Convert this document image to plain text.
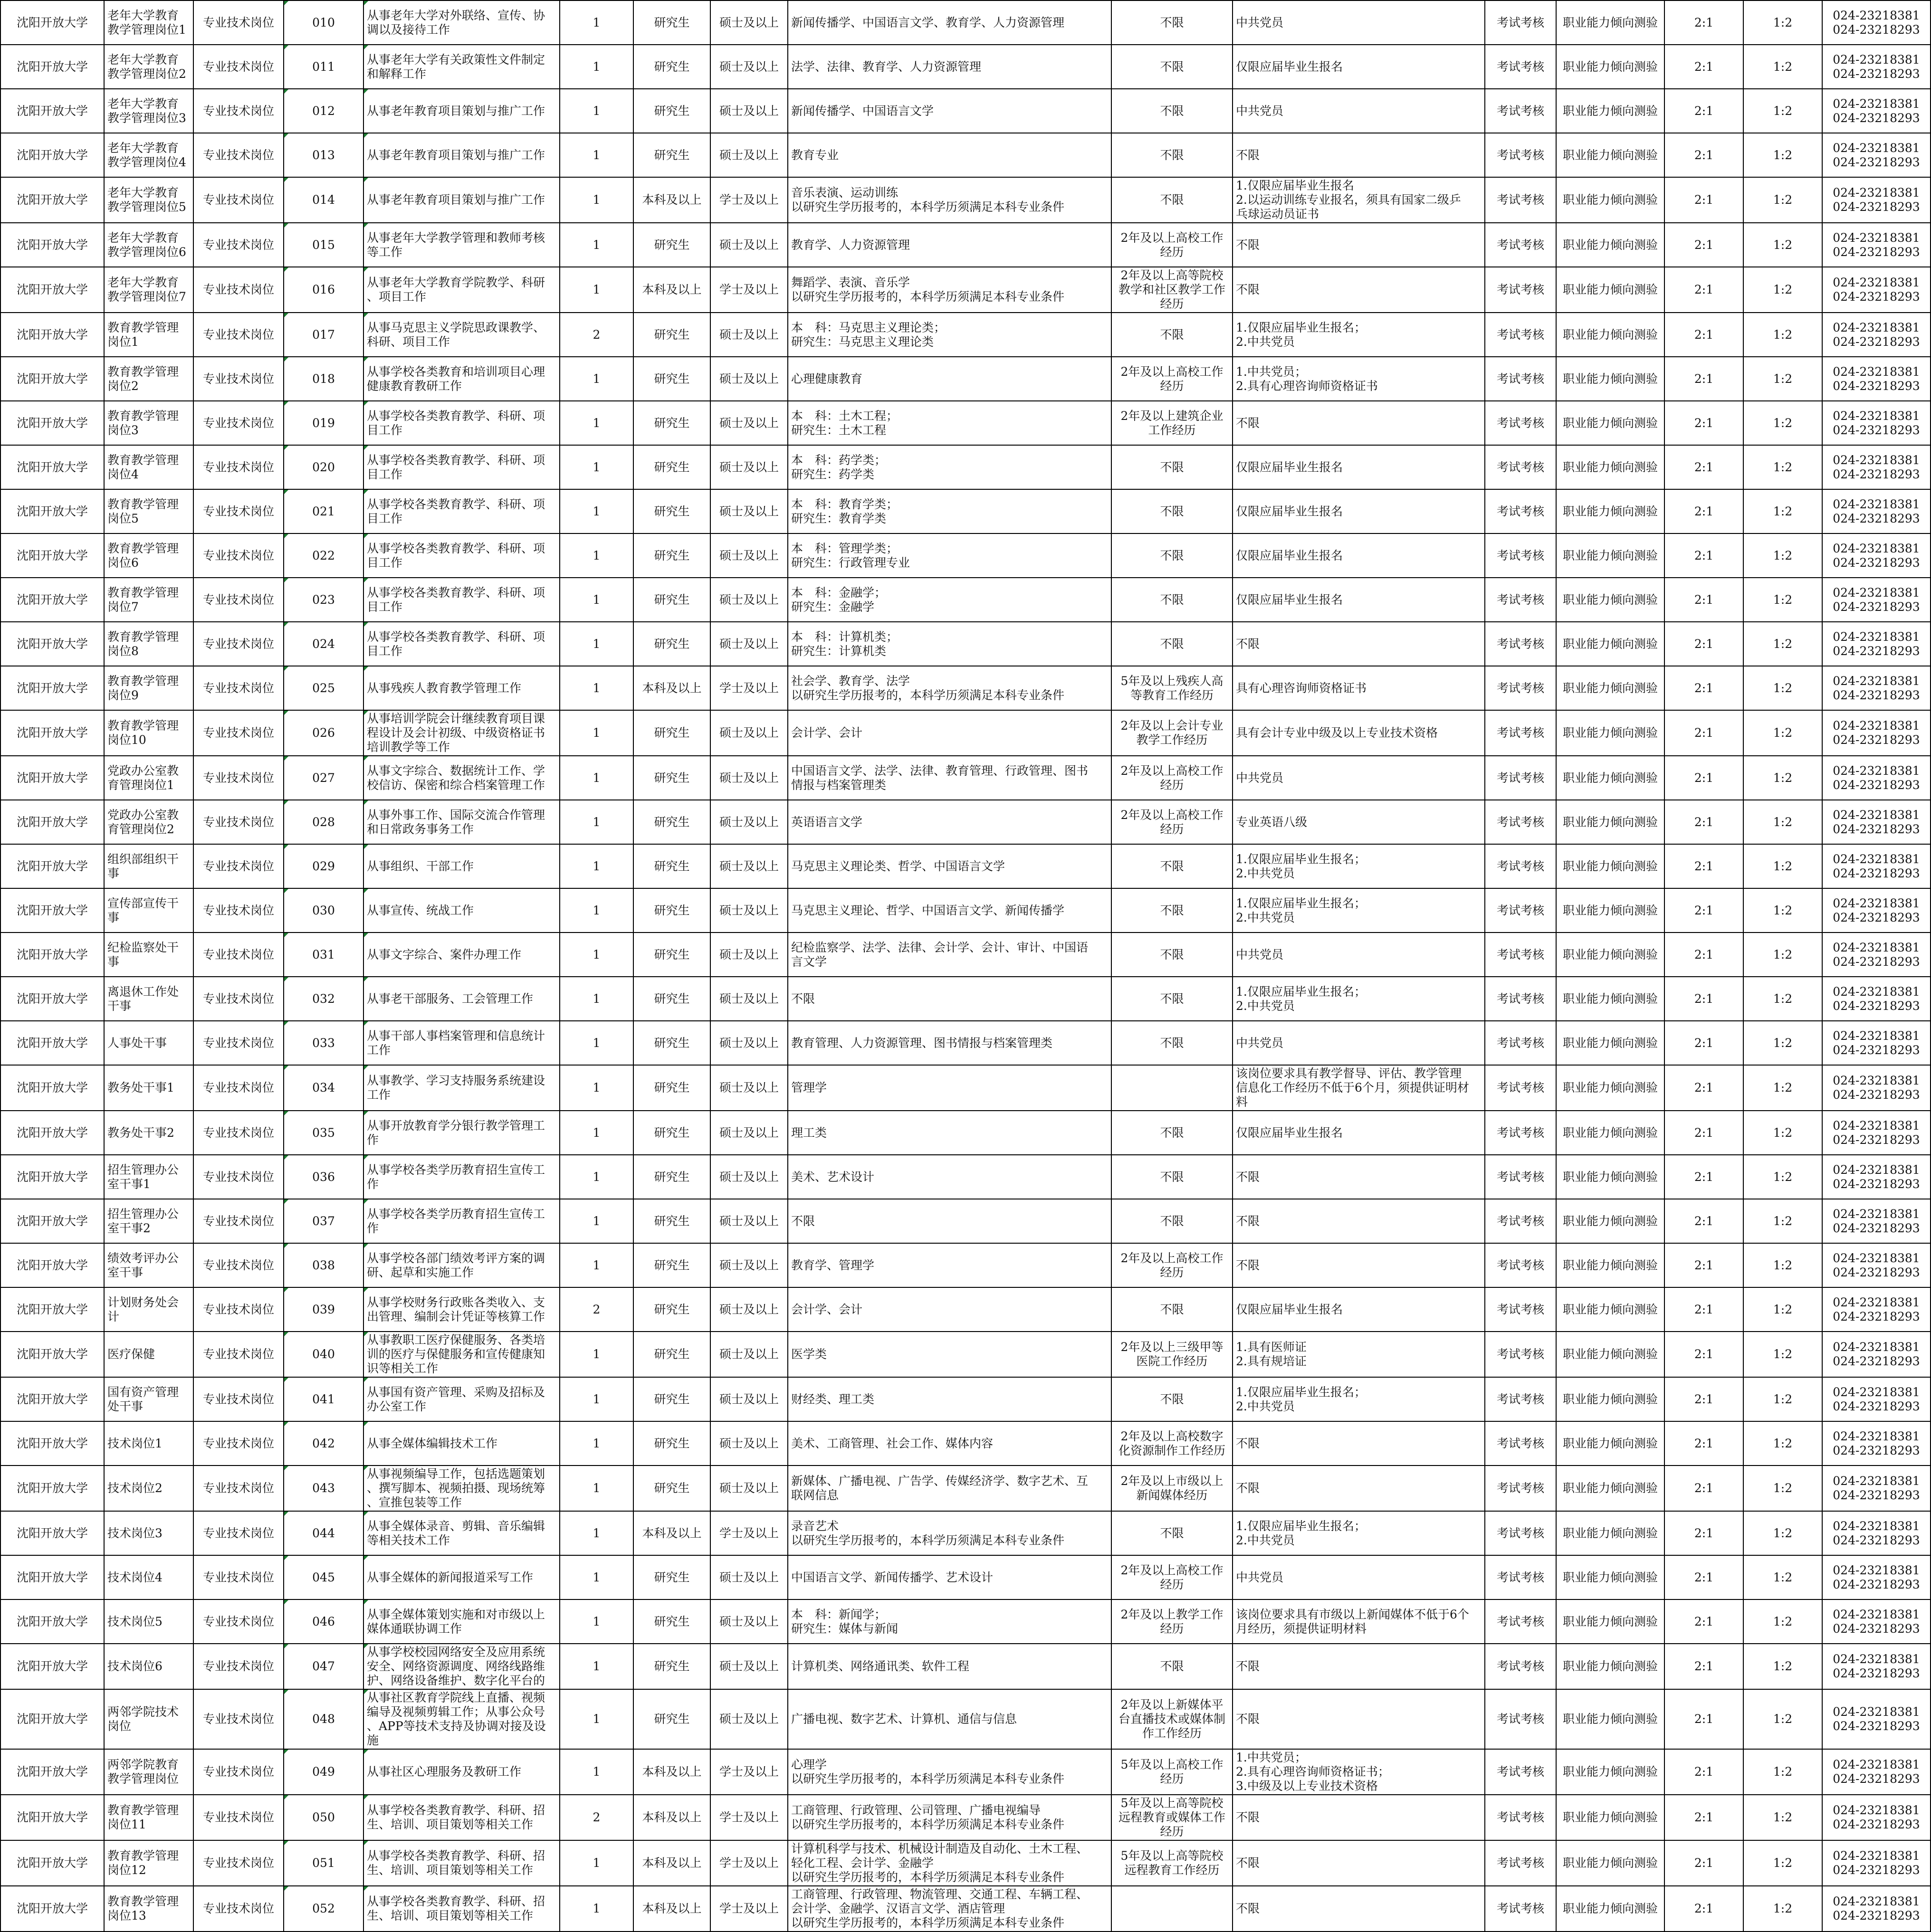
沈阳开放大学	老年大学教育
教学管理岗位1	专业技术岗位	010	从事老年大学对外联络、宣传、协
调以及接待工作	1	研究生	硕士及以上	新闻传播学、中国语言文学、教育学、人力资源管理	不限	中共党员	考试考核	职业能力倾向测验	2:1	1:2	024-23218381
024-23218293
沈阳开放大学	老年大学教育
教学管理岗位2	专业技术岗位	011	从事老年大学有关政策性文件制定
和解释工作	1	研究生	硕士及以上	法学、法律、教育学、人力资源管理	不限	仅限应届毕业生报名	考试考核	职业能力倾向测验	2:1	1:2	024-23218381
024-23218293
沈阳开放大学	老年大学教育
教学管理岗位3	专业技术岗位	012	从事老年教育项目策划与推广工作	1	研究生	硕士及以上	新闻传播学、中国语言文学	不限	中共党员	考试考核	职业能力倾向测验	2:1	1:2	024-23218381
024-23218293
沈阳开放大学	老年大学教育
教学管理岗位4	专业技术岗位	013	从事老年教育项目策划与推广工作	1	研究生	硕士及以上	教育专业	不限	不限	考试考核	职业能力倾向测验	2:1	1:2	024-23218381
024-23218293
沈阳开放大学	老年大学教育
教学管理岗位5	专业技术岗位	014	从事老年教育项目策划与推广工作	1	本科及以上	学士及以上	音乐表演、运动训练
以研究生学历报考的，本科学历须满足本科专业条件	不限	1.仅限应届毕业生报名
2.以运动训练专业报名，须具有国家二级乒
乓球运动员证书	考试考核	职业能力倾向测验	2:1	1:2	024-23218381
024-23218293
沈阳开放大学	老年大学教育
教学管理岗位6	专业技术岗位	015	从事老年大学教学管理和教师考核
等工作	1	研究生	硕士及以上	教育学、人力资源管理	2年及以上高校工作
经历	不限	考试考核	职业能力倾向测验	2:1	1:2	024-23218381
024-23218293
沈阳开放大学	老年大学教育
教学管理岗位7	专业技术岗位	016	从事老年大学教育学院教学、科研
、项目工作	1	本科及以上	学士及以上	舞蹈学、表演、音乐学
以研究生学历报考的，本科学历须满足本科专业条件	2年及以上高等院校
教学和社区教学工作
经历	不限	考试考核	职业能力倾向测验	2:1	1:2	024-23218381
024-23218293
沈阳开放大学	教育教学管理
岗位1	专业技术岗位	017	从事马克思主义学院思政课教学、
科研、项目工作	2	研究生	硕士及以上	本　科：马克思主义理论类；
研究生：马克思主义理论类	不限	1.仅限应届毕业生报名；
2.中共党员	考试考核	职业能力倾向测验	2:1	1:2	024-23218381
024-23218293
沈阳开放大学	教育教学管理
岗位2	专业技术岗位	018	从事学校各类教育和培训项目心理
健康教育教研工作	1	研究生	硕士及以上	心理健康教育	2年及以上高校工作
经历	1.中共党员；
2.具有心理咨询师资格证书	考试考核	职业能力倾向测验	2:1	1:2	024-23218381
024-23218293
沈阳开放大学	教育教学管理
岗位3	专业技术岗位	019	从事学校各类教育教学、科研、项
目工作	1	研究生	硕士及以上	本　科：土木工程；
研究生：土木工程	2年及以上建筑企业
工作经历	不限	考试考核	职业能力倾向测验	2:1	1:2	024-23218381
024-23218293
沈阳开放大学	教育教学管理
岗位4	专业技术岗位	020	从事学校各类教育教学、科研、项
目工作	1	研究生	硕士及以上	本　科：药学类；
研究生：药学类	不限	仅限应届毕业生报名	考试考核	职业能力倾向测验	2:1	1:2	024-23218381
024-23218293
沈阳开放大学	教育教学管理
岗位5	专业技术岗位	021	从事学校各类教育教学、科研、项
目工作	1	研究生	硕士及以上	本　科：教育学类；
研究生：教育学类	不限	仅限应届毕业生报名	考试考核	职业能力倾向测验	2:1	1:2	024-23218381
024-23218293
沈阳开放大学	教育教学管理
岗位6	专业技术岗位	022	从事学校各类教育教学、科研、项
目工作	1	研究生	硕士及以上	本　科：管理学类；
研究生：行政管理专业	不限	仅限应届毕业生报名	考试考核	职业能力倾向测验	2:1	1:2	024-23218381
024-23218293
沈阳开放大学	教育教学管理
岗位7	专业技术岗位	023	从事学校各类教育教学、科研、项
目工作	1	研究生	硕士及以上	本　科：金融学；
研究生：金融学	不限	仅限应届毕业生报名	考试考核	职业能力倾向测验	2:1	1:2	024-23218381
024-23218293
沈阳开放大学	教育教学管理
岗位8	专业技术岗位	024	从事学校各类教育教学、科研、项
目工作	1	研究生	硕士及以上	本　科：计算机类；
研究生：计算机类	不限	不限	考试考核	职业能力倾向测验	2:1	1:2	024-23218381
024-23218293
沈阳开放大学	教育教学管理
岗位9	专业技术岗位	025	从事残疾人教育教学管理工作	1	本科及以上	学士及以上	社会学、教育学、法学
以研究生学历报考的，本科学历须满足本科专业条件	5年及以上残疾人高
等教育工作经历	具有心理咨询师资格证书	考试考核	职业能力倾向测验	2:1	1:2	024-23218381
024-23218293
沈阳开放大学	教育教学管理
岗位10	专业技术岗位	026	从事培训学院会计继续教育项目课
程设计及会计初级、中级资格证书
培训教学等工作	1	研究生	硕士及以上	会计学、会计	2年及以上会计专业
教学工作经历	具有会计专业中级及以上专业技术资格	考试考核	职业能力倾向测验	2:1	1:2	024-23218381
024-23218293
沈阳开放大学	党政办公室教
育管理岗位1	专业技术岗位	027	从事文字综合、数据统计工作、学
校信访、保密和综合档案管理工作	1	研究生	硕士及以上	中国语言文学、法学、法律、教育管理、行政管理、图书
情报与档案管理类	2年及以上高校工作
经历	中共党员	考试考核	职业能力倾向测验	2:1	1:2	024-23218381
024-23218293
沈阳开放大学	党政办公室教
育管理岗位2	专业技术岗位	028	从事外事工作、国际交流合作管理
和日常政务事务工作	1	研究生	硕士及以上	英语语言文学	2年及以上高校工作
经历	专业英语八级	考试考核	职业能力倾向测验	2:1	1:2	024-23218381
024-23218293
沈阳开放大学	组织部组织干
事	专业技术岗位	029	从事组织、干部工作	1	研究生	硕士及以上	马克思主义理论类、哲学、中国语言文学	不限	1.仅限应届毕业生报名；
2.中共党员	考试考核	职业能力倾向测验	2:1	1:2	024-23218381
024-23218293
沈阳开放大学	宣传部宣传干
事	专业技术岗位	030	从事宣传、统战工作	1	研究生	硕士及以上	马克思主义理论、哲学、中国语言文学、新闻传播学	不限	1.仅限应届毕业生报名；
2.中共党员	考试考核	职业能力倾向测验	2:1	1:2	024-23218381
024-23218293
沈阳开放大学	纪检监察处干
事	专业技术岗位	031	从事文字综合、案件办理工作	1	研究生	硕士及以上	纪检监察学、法学、法律、会计学、会计、审计、中国语
言文学	不限	中共党员	考试考核	职业能力倾向测验	2:1	1:2	024-23218381
024-23218293
沈阳开放大学	离退休工作处
干事	专业技术岗位	032	从事老干部服务、工会管理工作	1	研究生	硕士及以上	不限	不限	1.仅限应届毕业生报名；
2.中共党员	考试考核	职业能力倾向测验	2:1	1:2	024-23218381
024-23218293
沈阳开放大学	人事处干事	专业技术岗位	033	从事干部人事档案管理和信息统计
工作	1	研究生	硕士及以上	教育管理、人力资源管理、图书情报与档案管理类	不限	中共党员	考试考核	职业能力倾向测验	2:1	1:2	024-23218381
024-23218293
沈阳开放大学	教务处干事1	专业技术岗位	034	从事教学、学习支持服务系统建设
工作	1	研究生	硕士及以上	管理学		该岗位要求具有教学督导、评估、教学管理
信息化工作经历不低于6个月，须提供证明材
料	考试考核	职业能力倾向测验	2:1	1:2	024-23218381
024-23218293
沈阳开放大学	教务处干事2	专业技术岗位	035	从事开放教育学分银行教学管理工
作	1	研究生	硕士及以上	理工类	不限	仅限应届毕业生报名	考试考核	职业能力倾向测验	2:1	1:2	024-23218381
024-23218293
沈阳开放大学	招生管理办公
室干事1	专业技术岗位	036	从事学校各类学历教育招生宣传工
作	1	研究生	硕士及以上	美术、艺术设计	不限	不限	考试考核	职业能力倾向测验	2:1	1:2	024-23218381
024-23218293
沈阳开放大学	招生管理办公
室干事2	专业技术岗位	037	从事学校各类学历教育招生宣传工
作	1	研究生	硕士及以上	不限	不限	不限	考试考核	职业能力倾向测验	2:1	1:2	024-23218381
024-23218293
沈阳开放大学	绩效考评办公
室干事	专业技术岗位	038	从事学校各部门绩效考评方案的调
研、起草和实施工作	1	研究生	硕士及以上	教育学、管理学	2年及以上高校工作
经历	不限	考试考核	职业能力倾向测验	2:1	1:2	024-23218381
024-23218293
沈阳开放大学	计划财务处会
计	专业技术岗位	039	从事学校财务行政账各类收入、支
出管理、编制会计凭证等核算工作	2	研究生	硕士及以上	会计学、会计	不限	仅限应届毕业生报名	考试考核	职业能力倾向测验	2:1	1:2	024-23218381
024-23218293
沈阳开放大学	医疗保健	专业技术岗位	040	从事教职工医疗保健服务、各类培
训的医疗与保健服务和宣传健康知
识等相关工作	1	研究生	硕士及以上	医学类	2年及以上三级甲等
医院工作经历	1.具有医师证
2.具有规培证	考试考核	职业能力倾向测验	2:1	1:2	024-23218381
024-23218293
沈阳开放大学	国有资产管理
处干事	专业技术岗位	041	从事国有资产管理、采购及招标及
办公室工作	1	研究生	硕士及以上	财经类、理工类	不限	1.仅限应届毕业生报名；
2.中共党员	考试考核	职业能力倾向测验	2:1	1:2	024-23218381
024-23218293
沈阳开放大学	技术岗位1	专业技术岗位	042	从事全媒体编辑技术工作	1	研究生	硕士及以上	美术、工商管理、社会工作、媒体内容	2年及以上高校数字
化资源制作工作经历	不限	考试考核	职业能力倾向测验	2:1	1:2	024-23218381
024-23218293
沈阳开放大学	技术岗位2	专业技术岗位	043	从事视频编导工作，包括选题策划
、撰写脚本、视频拍摄、现场统筹
、宣推包装等工作	1	研究生	硕士及以上	新媒体、广播电视、广告学、传媒经济学、数字艺术、互
联网信息	2年及以上市级以上
新闻媒体经历	不限	考试考核	职业能力倾向测验	2:1	1:2	024-23218381
024-23218293
沈阳开放大学	技术岗位3	专业技术岗位	044	从事全媒体录音、剪辑、音乐编辑
等相关技术工作	1	本科及以上	学士及以上	录音艺术
以研究生学历报考的，本科学历须满足本科专业条件	不限	1.仅限应届毕业生报名；
2.中共党员	考试考核	职业能力倾向测验	2:1	1:2	024-23218381
024-23218293
沈阳开放大学	技术岗位4	专业技术岗位	045	从事全媒体的新闻报道采写工作	1	研究生	硕士及以上	中国语言文学、新闻传播学、艺术设计	2年及以上高校工作
经历	中共党员	考试考核	职业能力倾向测验	2:1	1:2	024-23218381
024-23218293
沈阳开放大学	技术岗位5	专业技术岗位	046	从事全媒体策划实施和对市级以上
媒体通联协调工作	1	研究生	硕士及以上	本　科：新闻学；
研究生：媒体与新闻	2年及以上教学工作
经历	该岗位要求具有市级以上新闻媒体不低于6个
月经历，须提供证明材料	考试考核	职业能力倾向测验	2:1	1:2	024-23218381
024-23218293
沈阳开放大学	技术岗位6	专业技术岗位	047	从事学校校园网络安全及应用系统
安全、网络资源调度、网络线路维
护、网络设备维护、数字化平台的	1	研究生	硕士及以上	计算机类、网络通讯类、软件工程	不限	不限	考试考核	职业能力倾向测验	2:1	1:2	024-23218381
024-23218293
沈阳开放大学	两邻学院技术
岗位	专业技术岗位	048	从事社区教育学院线上直播、视频
编导及视频剪辑工作；从事公众号
、APP等技术支持及协调对接及设施	1	研究生	硕士及以上	广播电视、数字艺术、计算机、通信与信息	2年及以上新媒体平
台直播技术或媒体制
作工作经历	不限	考试考核	职业能力倾向测验	2:1	1:2	024-23218381
024-23218293
沈阳开放大学	两邻学院教育
教学管理岗位	专业技术岗位	049	从事社区心理服务及教研工作	1	本科及以上	学士及以上	心理学
以研究生学历报考的，本科学历须满足本科专业条件	5年及以上高校工作
经历	1.中共党员；
2.具有心理咨询师资格证书；
3.中级及以上专业技术资格	考试考核	职业能力倾向测验	2:1	1:2	024-23218381
024-23218293
沈阳开放大学	教育教学管理
岗位11	专业技术岗位	050	从事学校各类教育教学、科研、招
生、培训、项目策划等相关工作	2	本科及以上	学士及以上	工商管理、行政管理、公司管理、广播电视编导
以研究生学历报考的，本科学历须满足本科专业条件	5年及以上高等院校
远程教育或媒体工作
经历	不限	考试考核	职业能力倾向测验	2:1	1:2	024-23218381
024-23218293
沈阳开放大学	教育教学管理
岗位12	专业技术岗位	051	从事学校各类教育教学、科研、招
生、培训、项目策划等相关工作	1	本科及以上	学士及以上	计算机科学与技术、机械设计制造及自动化、土木工程、
轻化工程、会计学、金融学
以研究生学历报考的，本科学历须满足本科专业条件	5年及以上高等院校
远程教育工作经历	不限	考试考核	职业能力倾向测验	2:1	1:2	024-23218381
024-23218293
沈阳开放大学	教育教学管理
岗位13	专业技术岗位	052	从事学校各类教育教学、科研、招
生、培训、项目策划等相关工作	1	本科及以上	学士及以上	工商管理、行政管理、物流管理、交通工程、车辆工程、
会计学、金融学、汉语言文学、酒店管理
以研究生学历报考的，本科学历须满足本科专业条件		不限	考试考核	职业能力倾向测验	2:1	1:2	024-23218381
024-23218293
